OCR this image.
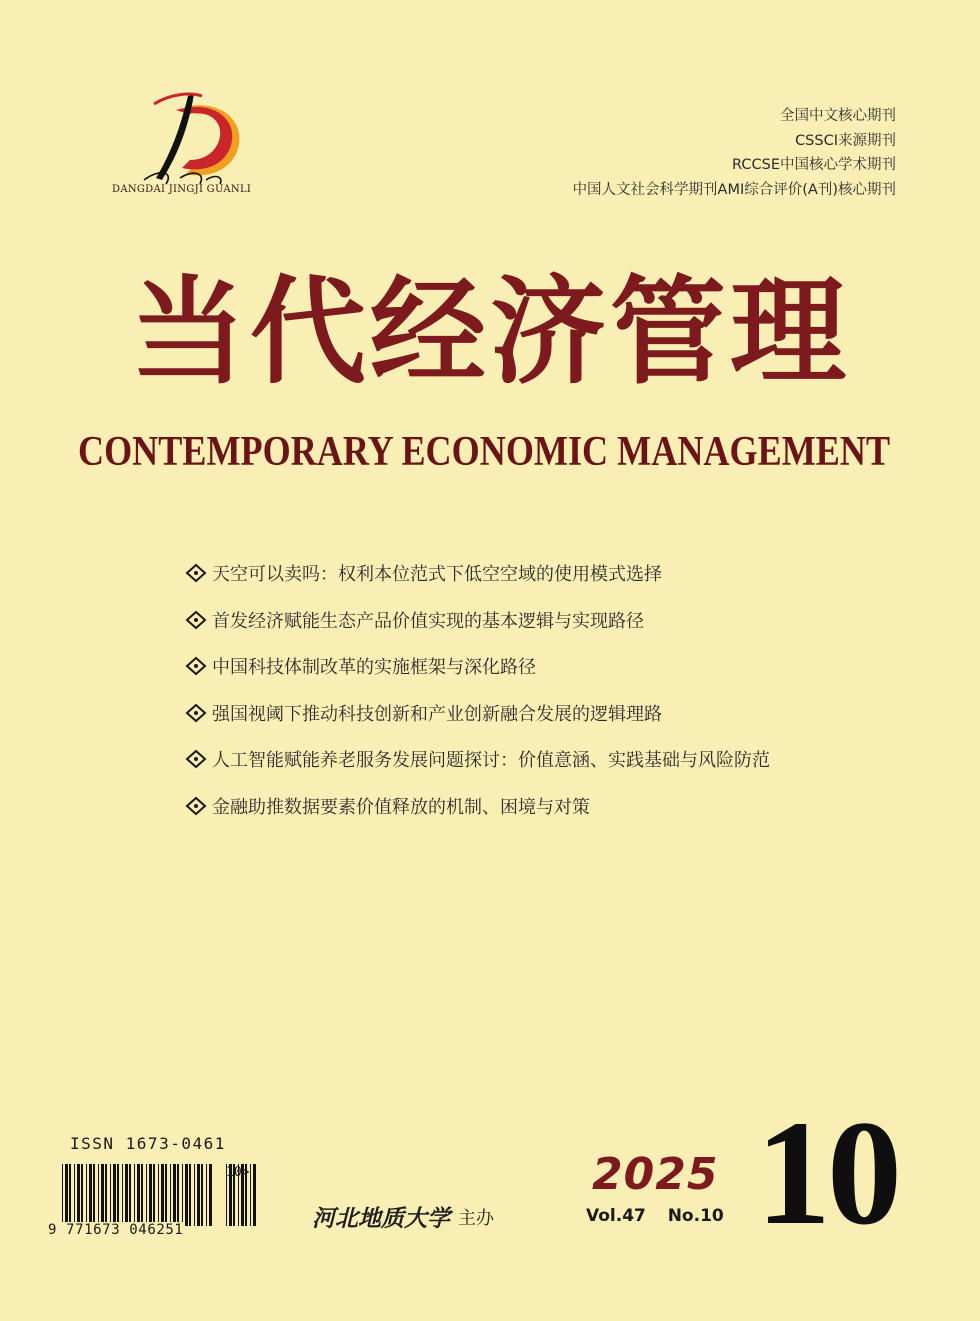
DANGDAI JINGJI GUANLI
全国中文核心期刊
CSSCI来源期刊
RCCSE中国核心学术期刊
中国人文社会科学期刊AMI综合评价(A刊)核心期刊
当代经济管理
CONTEMPORARY ECONOMIC MANAGEMENT
天空可以卖吗：权利本位范式下低空空域的使用模式选择
首发经济赋能生态产品价值实现的基本逻辑与实现路径
中国科技体制改革的实施框架与深化路径
强国视阈下推动科技创新和产业创新融合发展的逻辑理路
人工智能赋能养老服务发展问题探讨：价值意涵、实践基础与风险防范
金融助推数据要素价值释放的机制、困境与对策
ISSN 1673-0461
10>
9 771673 046251	河北地质大学 主办
2025
Vol.47 No.10 10
